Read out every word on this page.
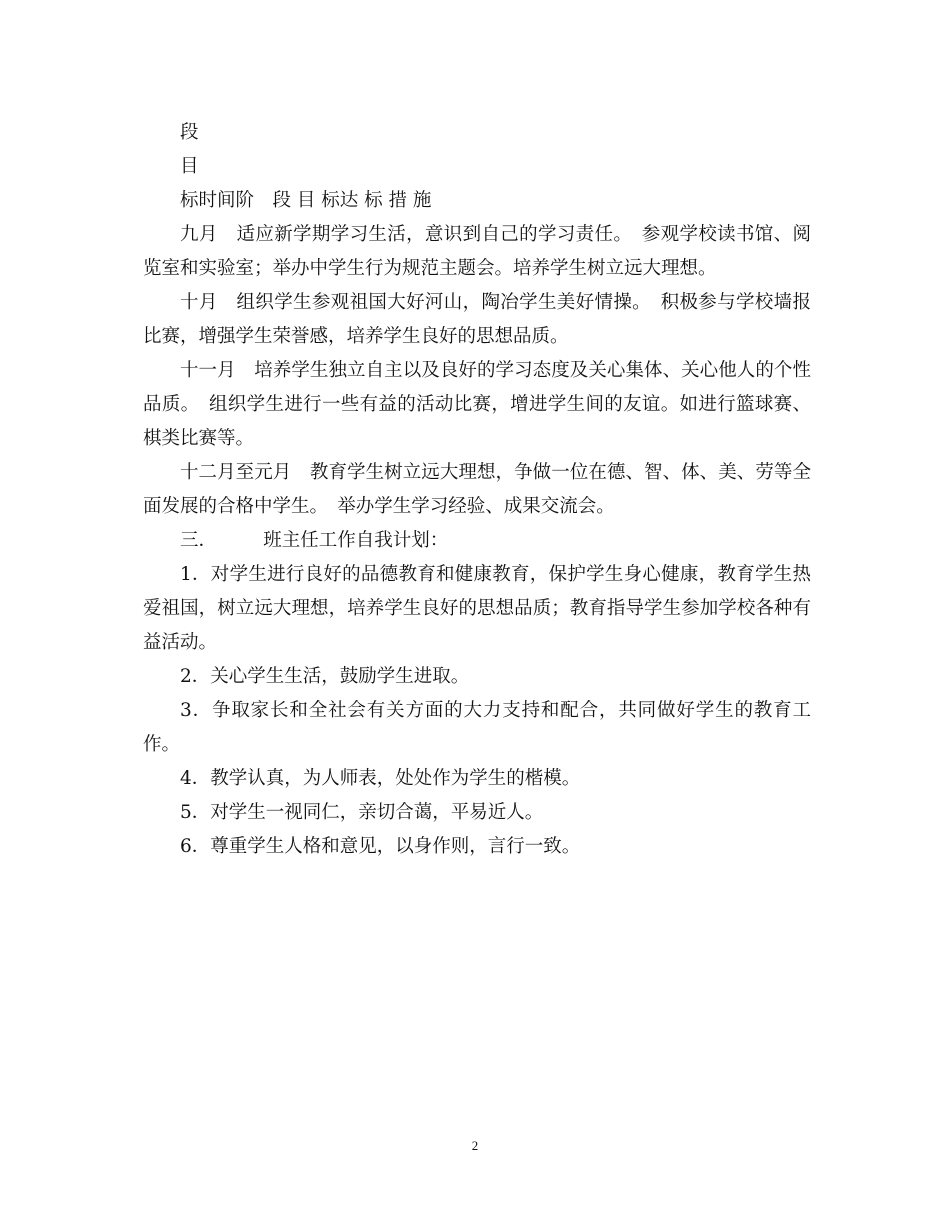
段

目

标时间阶　段 目 标达 标 措 施

九月　适应新学期学习生活，意识到自己的学习责任。　参观学校读书馆、阅览室和实验室；举办中学生行为规范主题会。培养学生树立远大理想。

十月　组织学生参观祖国大好河山，陶冶学生美好情操。　积极参与学校墙报比赛，增强学生荣誉感，培养学生良好的思想品质。

十一月　培养学生独立自主以及良好的学习态度及关心集体、关心他人的个性品质。　组织学生进行一些有益的活动比赛，增进学生间的友谊。如进行篮球赛、棋类比赛等。

十二月至元月　教育学生树立远大理想，争做一位在德、智、体、美、劳等全面发展的合格中学生。　举办学生学习经验、成果交流会。

三．　　　班主任工作自我计划：

1．对学生进行良好的品德教育和健康教育，保护学生身心健康，教育学生热爱祖国，树立远大理想，培养学生良好的思想品质；教育指导学生参加学校各种有益活动。

2．关心学生生活，鼓励学生进取。

3．争取家长和全社会有关方面的大力支持和配合，共同做好学生的教育工作。

4．教学认真，为人师表，处处作为学生的楷模。

5．对学生一视同仁，亲切合蔼，平易近人。

6．尊重学生人格和意见，以身作则，言行一致。

2
